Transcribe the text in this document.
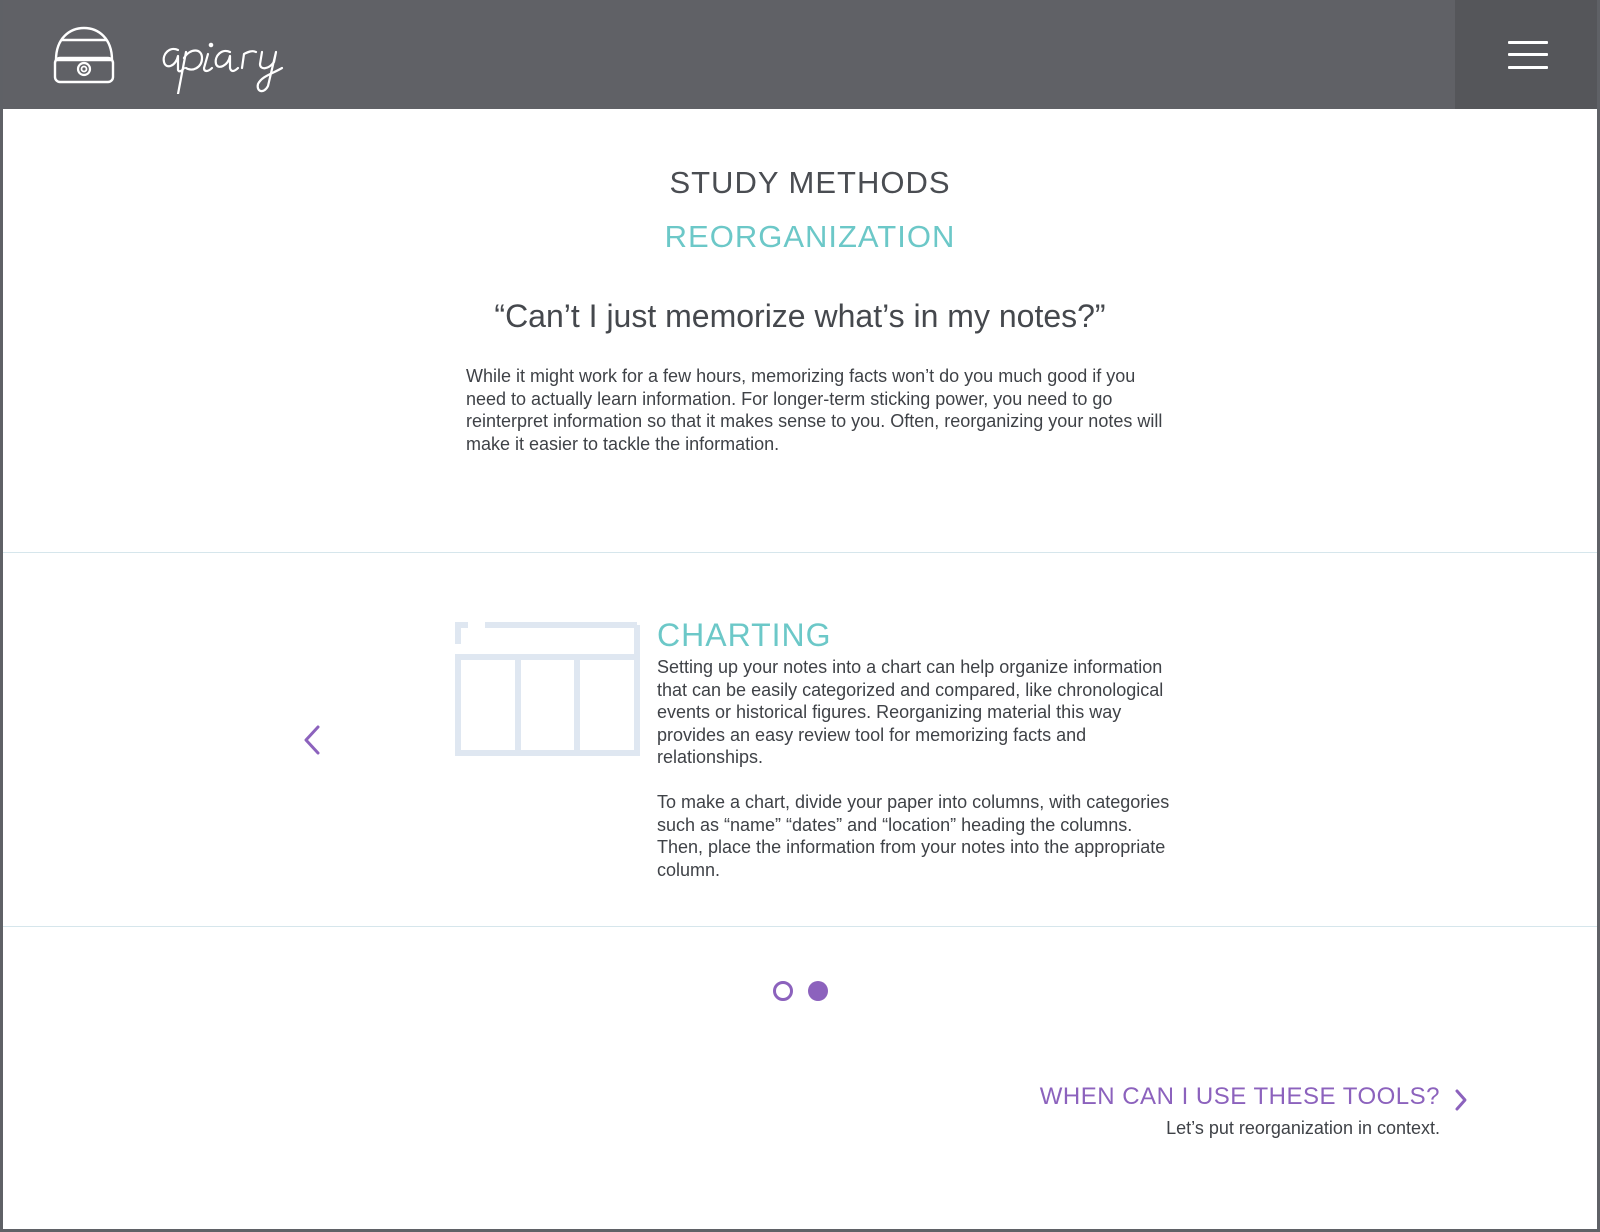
STUDY METHODS
REORGANIZATION
“Can’t I just memorize what’s in my notes?”
While it might work for a few hours, memorizing facts won’t do you much good if you need to actually learn information. For longer-term sticking power, you need to go reinterpret information so that it makes sense to you. Often, reorganizing your notes will make it easier to tackle the information.
CHARTING

Setting up your notes into a chart can help organize information that can be easily categorized and compared, like chronological events or historical figures. Reorganizing material this way provides an easy review tool for memorizing facts and relationships.

To make a chart, divide your paper into columns, with categories such as “name” “dates” and “location” heading the columns. Then, place the information from your notes into the appropriate column.

WHEN CAN I USE THESE TOOLS?
Let’s put reorganization in context.
